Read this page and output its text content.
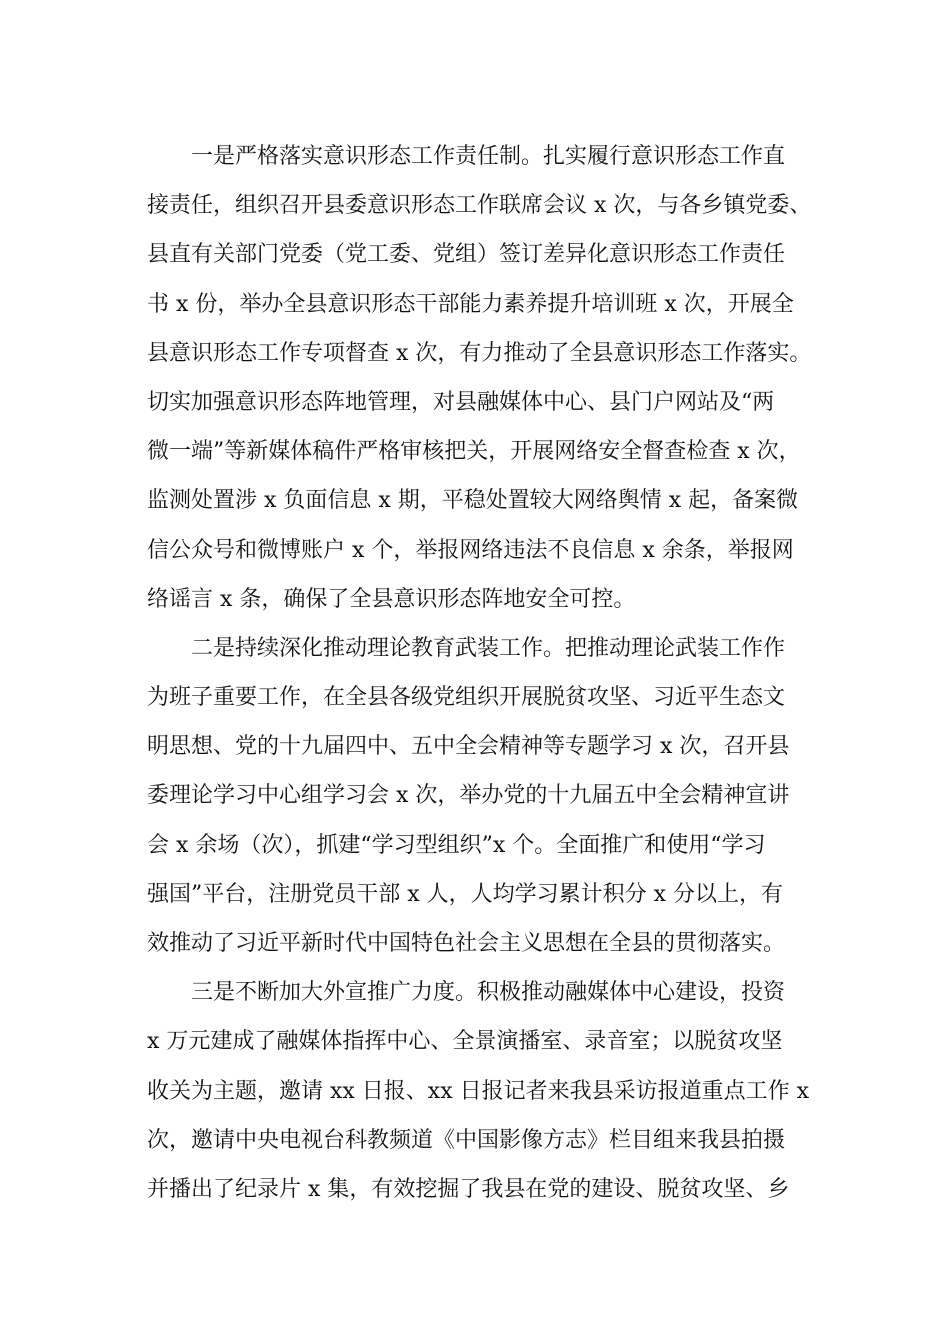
一是严格落实意识形态工作责任制。扎实履行意识形态工作直
接责任，组织召开县委意识形态工作联席会议 x 次，与各乡镇党委、
县直有关部门党委（党工委、党组）签订差异化意识形态工作责任
书 x 份，举办全县意识形态干部能力素养提升培训班 x 次，开展全
县意识形态工作专项督查 x 次，有力推动了全县意识形态工作落实。
切实加强意识形态阵地管理，对县融媒体中心、县门户网站及“两
微一端”等新媒体稿件严格审核把关，开展网络安全督查检查 x 次，
监测处置涉 x 负面信息 x 期，平稳处置较大网络舆情 x 起，备案微
信公众号和微博账户 x 个，举报网络违法不良信息 x 余条，举报网
络谣言 x 条，确保了全县意识形态阵地安全可控。
二是持续深化推动理论教育武装工作。把推动理论武装工作作
为班子重要工作，在全县各级党组织开展脱贫攻坚、习近平生态文
明思想、党的十九届四中、五中全会精神等专题学习 x 次，召开县
委理论学习中心组学习会 x 次，举办党的十九届五中全会精神宣讲
会 x 余场（次），抓建“学习型组织”x 个。全面推广和使用“学习
强国”平台，注册党员干部 x 人，人均学习累计积分 x 分以上，有
效推动了习近平新时代中国特色社会主义思想在全县的贯彻落实。
三是不断加大外宣推广力度。积极推动融媒体中心建设，投资
x 万元建成了融媒体指挥中心、全景演播室、录音室；以脱贫攻坚
收关为主题，邀请 xx 日报、xx 日报记者来我县采访报道重点工作 x
次，邀请中央电视台科教频道《中国影像方志》栏目组来我县拍摄
并播出了纪录片 x 集，有效挖掘了我县在党的建设、脱贫攻坚、乡
